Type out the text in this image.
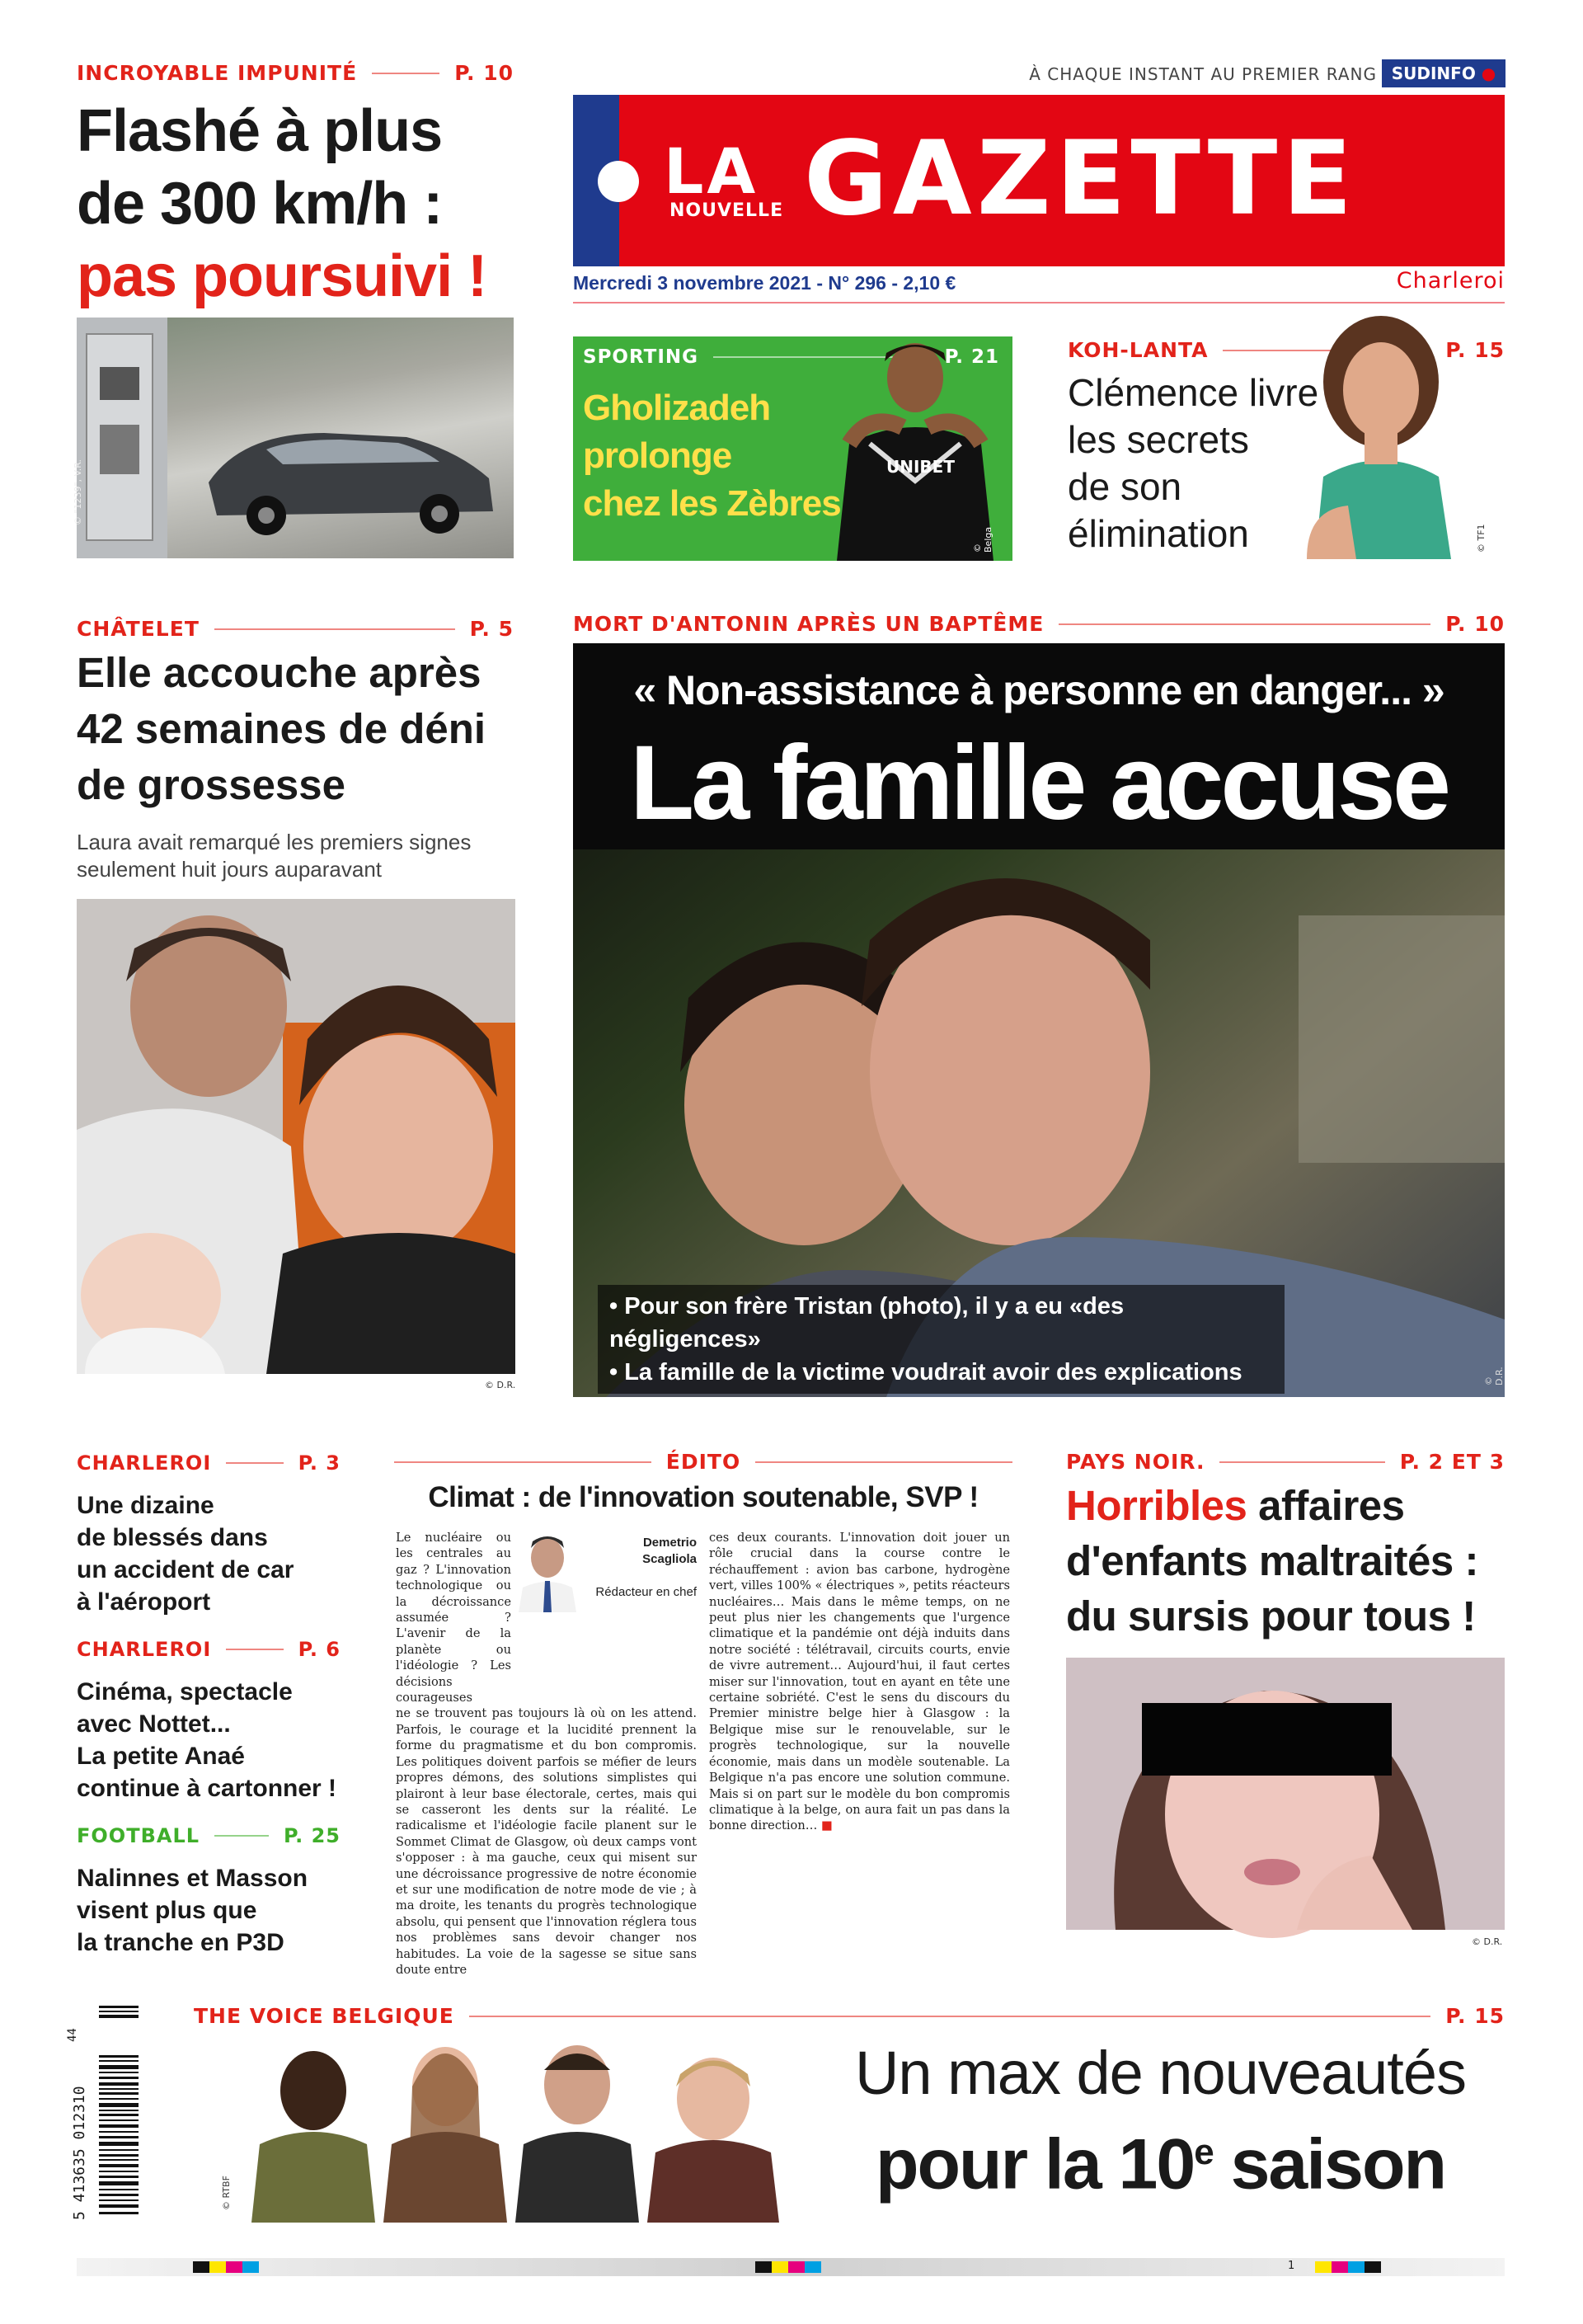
INCROYABLE IMPUNITÉ	P. 10
Flashé à plus
de 300 km/h :
pas poursuivi !
© "1239", V.R.
À CHAQUE INSTANT AU PREMIER RANG SUDINFO ●
LA
NOUVELLE GAZETTE
Mercredi 3 novembre 2021 - N° 296 - 2,10 €	Charleroi
SPORTING	P. 21
Gholizadeh
prolonge
chez les Zèbres
UNIBET
© Belga
KOH-LANTA	P. 15
Clémence livre
les secrets
de son
élimination	© TF1
CHÂTELET	P. 5
Elle accouche après
42 semaines de déni
de grossesse
Laura avait remarqué les premiers signes
seulement huit jours auparavant
© D.R.
MORT D'ANTONIN APRÈS UN BAPTÊME	P. 10
« Non-assistance à personne en danger... »
La famille accuse
• Pour son frère Tristan (photo), il y a eu «des négligences»
• La famille de la victime voudrait avoir des explications	© D.R.
CHARLEROI	P. 3
Une dizaine
de blessés dans
un accident de car
à l'aéroport
CHARLEROI	P. 6
Cinéma, spectacle
avec Nottet...
La petite Anaé
continue à cartonner !
FOOTBALL	P. 25
Nalinnes et Masson
visent plus que
la tranche en P3D
ÉDITO
Climat : de l'innovation soutenable, SVP !
Le nucléaire ou les centrales au gaz ? L'innovation technologique ou la décroissance assumée ? L'avenir de la planète ou l'idéologie ? Les décisions courageuses
Demetrio
Scagliola
Rédacteur en chef
ne se trouvent pas toujours là où on les attend. Parfois, le courage et la lucidité prennent la forme du pragmatisme et du bon compromis. Les politiques doivent parfois se méfier de leurs propres démons, des solutions simplistes qui plairont à leur base électorale, certes, mais qui se casseront les dents sur la réalité. Le radicalisme et l'idéologie facile planent sur le Sommet Climat de Glasgow, où deux camps vont s'opposer : à ma gauche, ceux qui misent sur une décroissance progressive de notre économie et sur une modification de notre mode de vie ; à ma droite, les tenants du progrès technologique absolu, qui pensent que l'innovation réglera tous nos problèmes sans devoir changer nos habitudes. La voie de la sagesse se situe sans doute entre
ces deux courants. L'innovation doit jouer un rôle crucial dans la course contre le réchauffement : avion bas carbone, hydrogène vert, villes 100% « électriques », petits réacteurs nucléaires… Mais dans le même temps, on ne peut plus nier les changements que l'urgence climatique et la pandémie ont déjà induits dans notre société : télétravail, circuits courts, envie de vivre autrement… Aujourd'hui, il faut certes miser sur l'innovation, tout en ayant en tête une certaine sobriété. C'est le sens du discours du Premier ministre belge hier à Glasgow : la Belgique mise sur le renouvelable, sur le progrès technologique, sur la nouvelle économie, mais dans un modèle soutenable. La Belgique n'a pas encore une solution commune. Mais si on part sur le modèle du bon compromis climatique à la belge, on aura fait un pas dans la bonne direction… ■
PAYS NOIR.	P. 2 ET 3
Horribles affaires
d'enfants maltraités :
du sursis pour tous !
© D.R.
THE VOICE BELGIQUE	P. 15
© RTBF
Un max de nouveautés
pour la 10e saison
44
5 413635 012310
1
